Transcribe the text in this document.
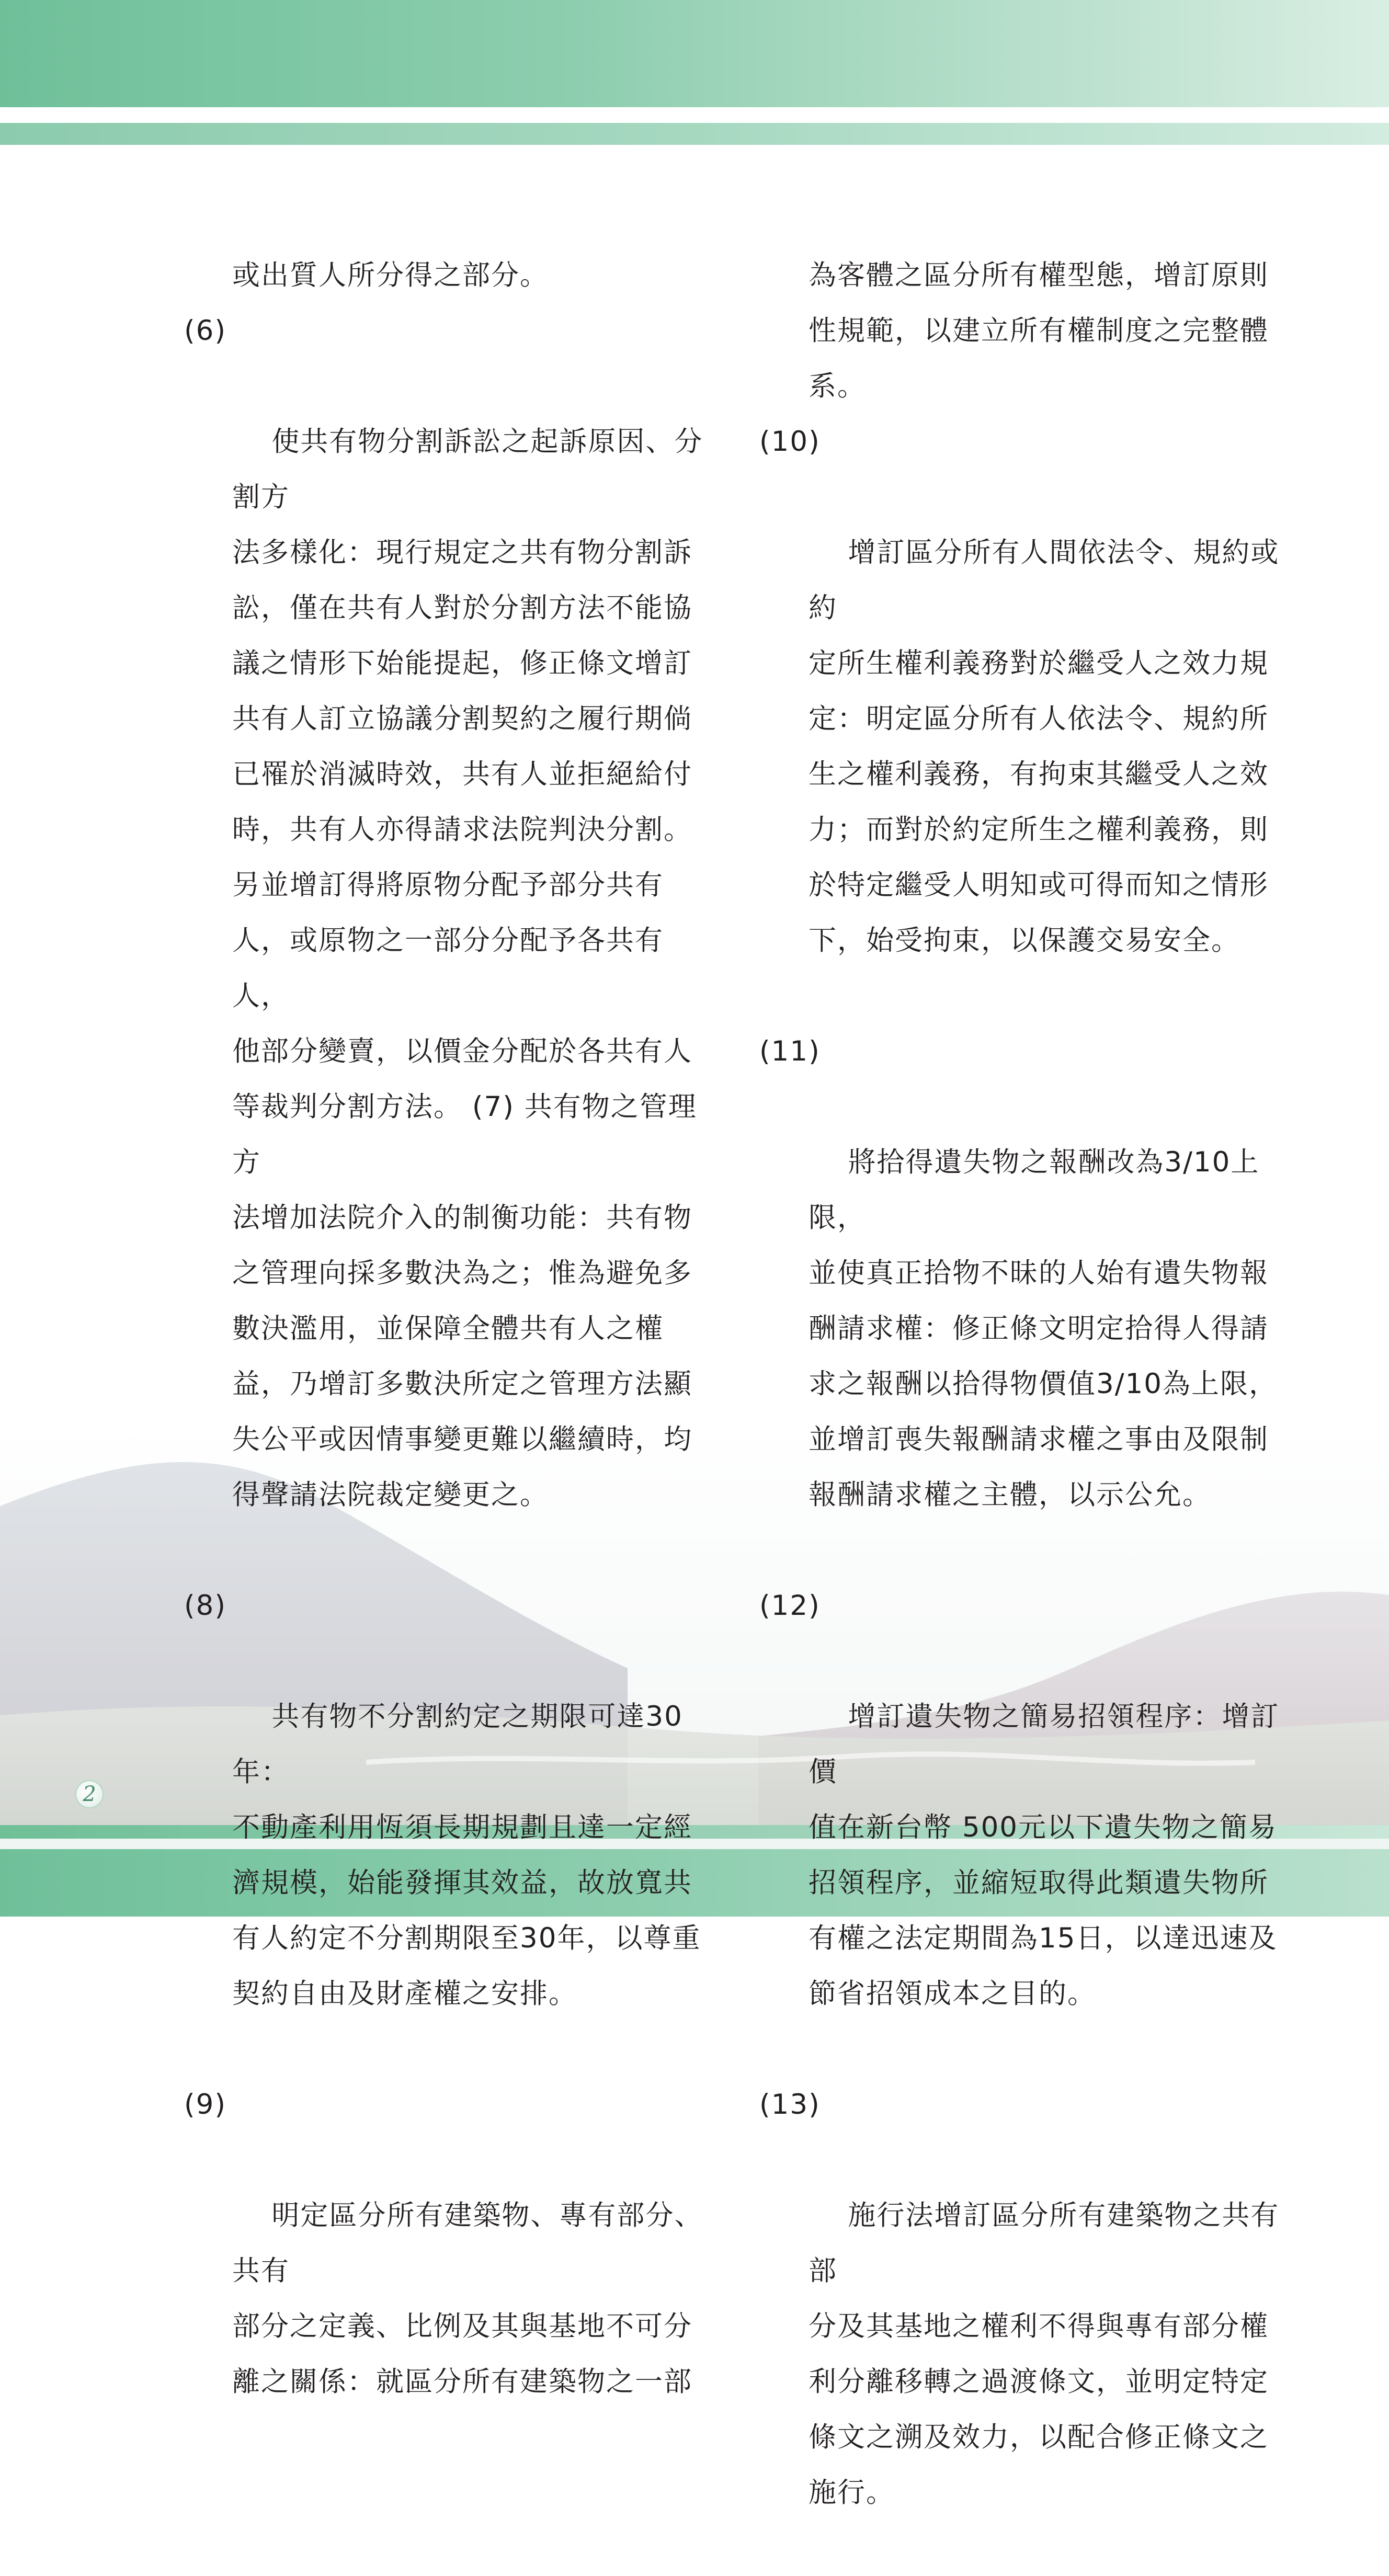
2

或出質人所分得之部分。

(6)

使共有物分割訴訟之起訴原因、分割方
法多樣化：現行規定之共有物分割訴
訟，僅在共有人對於分割方法不能協
議之情形下始能提起，修正條文增訂
共有人訂立協議分割契約之履行期倘
已罹於消滅時效，共有人並拒絕給付
時，共有人亦得請求法院判決分割。
另並增訂得將原物分配予部分共有
人，或原物之一部分分配予各共有人，
他部分變賣，以價金分配於各共有人
等裁判分割方法。 (7) 共有物之管理方
法增加法院介入的制衡功能：共有物
之管理向採多數決為之；惟為避免多
數決濫用，並保障全體共有人之權
益，乃增訂多數決所定之管理方法顯
失公平或因情事變更難以繼續時，均
得聲請法院裁定變更之。

(8)

共有物不分割約定之期限可達30年：
不動產利用恆須長期規劃且達一定經
濟規模，始能發揮其效益，故放寬共
有人約定不分割期限至30年，以尊重
契約自由及財產權之安排。

(9)

明定區分所有建築物、專有部分、共有
部分之定義、比例及其與基地不可分
離之關係：就區分所有建築物之一部

為客體之區分所有權型態，增訂原則
性規範，以建立所有權制度之完整體
系。

(10)

增訂區分所有人間依法令、規約或約
定所生權利義務對於繼受人之效力規
定：明定區分所有人依法令、規約所
生之權利義務，有拘束其繼受人之效
力；而對於約定所生之權利義務，則
於特定繼受人明知或可得而知之情形
下，始受拘束，以保護交易安全。

(11)

將拾得遺失物之報酬改為3/10上限，
並使真正拾物不昧的人始有遺失物報
酬請求權：修正條文明定拾得人得請
求之報酬以拾得物價值3/10為上限，
並增訂喪失報酬請求權之事由及限制
報酬請求權之主體，以示公允。

(12)

增訂遺失物之簡易招領程序：增訂價
值在新台幣 500元以下遺失物之簡易
招領程序，並縮短取得此類遺失物所
有權之法定期間為15日，以達迅速及
節省招領成本之目的。

(13)

施行法增訂區分所有建築物之共有部
分及其基地之權利不得與專有部分權
利分離移轉之過渡條文，並明定特定
條文之溯及效力，以配合修正條文之
施行。
